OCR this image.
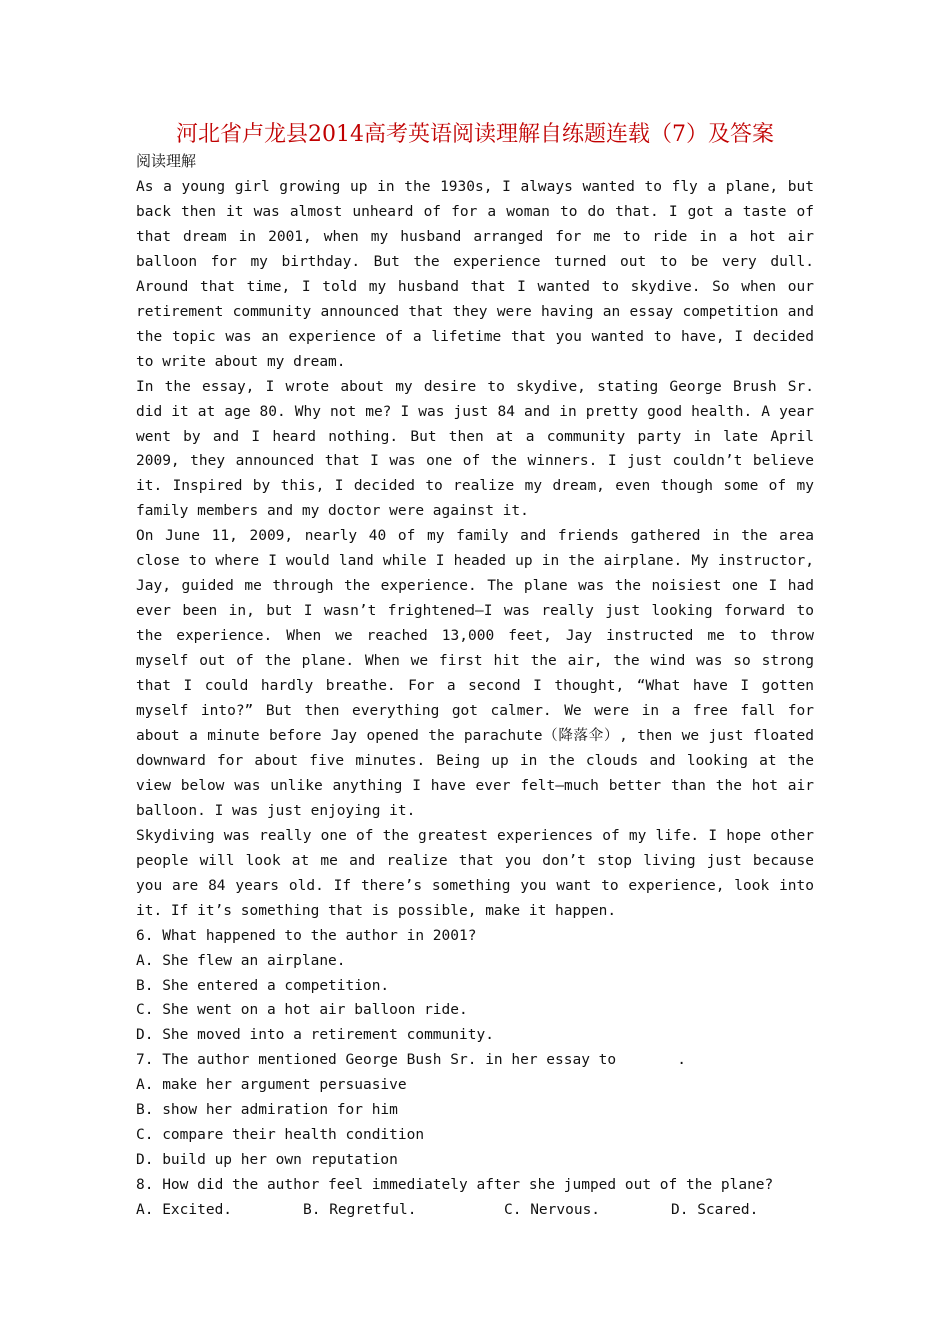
河北省卢龙县2014高考英语阅读理解自练题连载（7）及答案
阅读理解

As a young girl growing up in the 1930s, I always wanted to fly a plane, but back then it was almost unheard of for a woman to do that. I got a taste of that dream in 2001, when my husband arranged for me to ride in a hot air balloon for my birthday. But the experience turned out to be very dull. Around that time, I told my husband that I wanted to skydive. So when our retirement community announced that they were having an essay competition and the topic was an experience of a lifetime that you wanted to have, I decided to write about my dream.

In the essay, I wrote about my desire to skydive, stating George Brush Sr. did it at age 80. Why not me? I was just 84 and in pretty good health. A year went by and I heard nothing. But then at a community party in late April 2009, they announced that I was one of the winners. I just couldn’t believe it. Inspired by this, I decided to realize my dream, even though some of my family members and my doctor were against it.

On June 11, 2009, nearly 40 of my family and friends gathered in the area close to where I would land while I headed up in the airplane. My instructor, Jay, guided me through the experience. The plane was the noisiest one I had ever been in, but I wasn’t frightened—I was really just looking forward to the experience. When we reached 13,000 feet, Jay instructed me to throw myself out of the plane. When we first hit the air, the wind was so strong that I could hardly breathe. For a second I thought, “What have I gotten myself into?” But then everything got calmer. We were in a free fall for about a minute before Jay opened the parachute（降落伞）, then we just floated downward for about five minutes. Being up in the clouds and looking at the view below was unlike anything I have ever felt—much better than the hot air balloon. I was just enjoying it.

Skydiving was really one of the greatest experiences of my life. I hope other people will look at me and realize that you don’t stop living just because you are 84 years old. If there’s something you want to experience, look into it. If it’s something that is possible, make it happen.

6. What happened to the author in 2001?

A. She flew an airplane.

B. She entered a competition.

C. She went on a hot air balloon ride.

D. She moved into a retirement community.

7. The author mentioned George Bush Sr. in her essay to       .

A. make her argument persuasive

B. show her admiration for him

C. compare their health condition

D. build up her own reputation

8. How did the author feel immediately after she jumped out of the plane?

A. Excited.	B. Regretful.	C. Nervous.	D. Scared.
